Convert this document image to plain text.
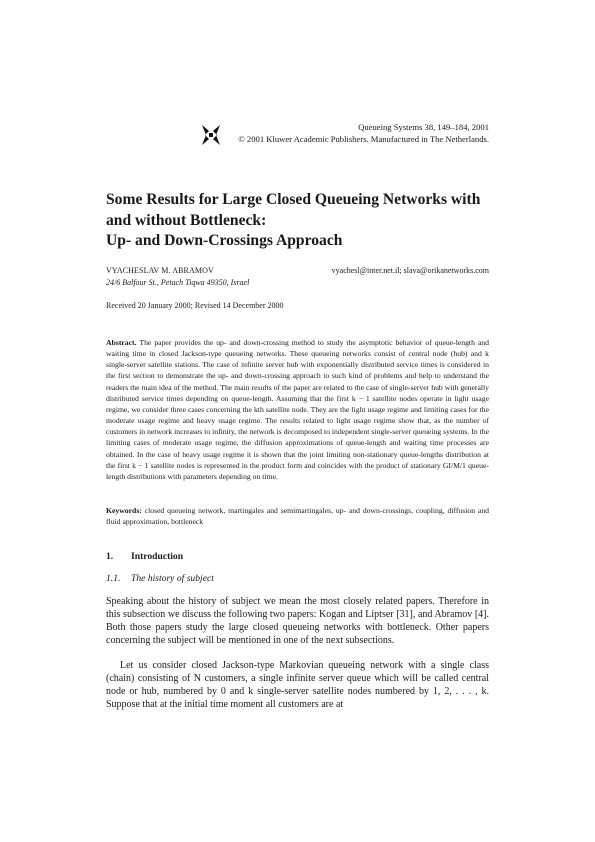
Queueing Systems 38, 149–184, 2001
© 2001 Kluwer Academic Publishers. Manufactured in The Netherlands.
Some Results for Large Closed Queueing Networks with
and without Bottleneck:
Up- and Down-Crossings Approach
VYACHESLAV M. ABRAMOV	vyachesl@inter.net.il; slava@orikanetworks.com
24/6 Balfour St., Petach Tiqwa 49350, Israel
Received 20 January 2000; Revised 14 December 2000
Abstract. The paper provides the up- and down-crossing method to study the asymptotic behavior of queue-length and waiting time in closed Jackson-type queueing networks. These queueing networks consist of central node (hub) and k single-server satellite stations. The case of infinite server hub with exponentially distributed service times is considered in the first section to demonstrate the up- and down-crossing approach to such kind of problems and help to understand the readers the main idea of the method. The main results of the paper are related to the case of single-server hub with generally distributed service times depending on queue-length. Assuming that the first k − 1 satellite nodes operate in light usage regime, we consider three cases concerning the kth satellite node. They are the light usage regime and limiting cases for the moderate usage regime and heavy usage regime. The results related to light usage regime show that, as the number of customers in network increases to infinity, the network is decomposed to independent single-server queueing systems. In the limiting cases of moderate usage regime, the diffusion approximations of queue-length and waiting time processes are obtained. In the case of heavy usage regime it is shown that the joint limiting non-stationary queue-lengths distribution at the first k − 1 satellite nodes is represented in the product form and coincides with the product of stationary GI/M/1 queue-length distributions with parameters depending on time.
Keywords: closed queueing network, martingales and semimartingales, up- and down-crossings, coupling, diffusion and fluid approximation, bottleneck
1. Introduction
1.1. The history of subject
Speaking about the history of subject we mean the most closely related papers. Therefore in this subsection we discuss the following two papers: Kogan and Liptser [31], and Abramov [4]. Both those papers study the large closed queueing networks with bottleneck. Other papers concerning the subject will be mentioned in one of the next subsections.
Let us consider closed Jackson-type Markovian queueing network with a single class (chain) consisting of N customers, a single infinite server queue which will be called central node or hub, numbered by 0 and k single-server satellite nodes numbered by 1, 2, . . . , k. Suppose that at the initial time moment all customers are at
